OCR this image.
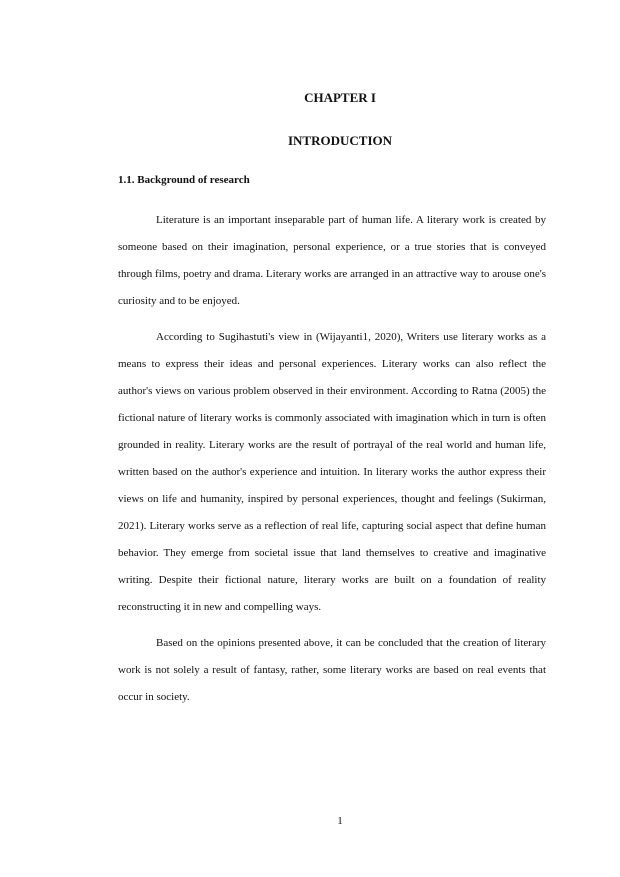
CHAPTER I
INTRODUCTION
1.1. Background of research

Literature is an important inseparable part of human life. A literary work is created by someone based on their imagination, personal experience, or a true stories that is conveyed through films, poetry and drama. Literary works are arranged in an attractive way to arouse one's curiosity and to be enjoyed.

According to Sugihastuti's view in (Wijayanti1, 2020), Writers use literary works as a means to express their ideas and personal experiences. Literary works can also reflect the author's views on various problem observed in their environment. According to Ratna (2005) the fictional nature of literary works is commonly associated with imagination which in turn is often grounded in reality. Literary works are the result of portrayal of the real world and human life, written based on the author's experience and intuition. In literary works the author express their views on life and humanity, inspired by personal experiences, thought and feelings (Sukirman, 2021). Literary works serve as a reflection of real life, capturing social aspect that define human behavior. They emerge from societal issue that land themselves to creative and imaginative writing. Despite their fictional nature, literary works are built on a foundation of reality reconstructing it in new and compelling ways.

Based on the opinions presented above, it can be concluded that the creation of literary work is not solely a result of fantasy, rather, some literary works are based on real events that occur in society.

1
